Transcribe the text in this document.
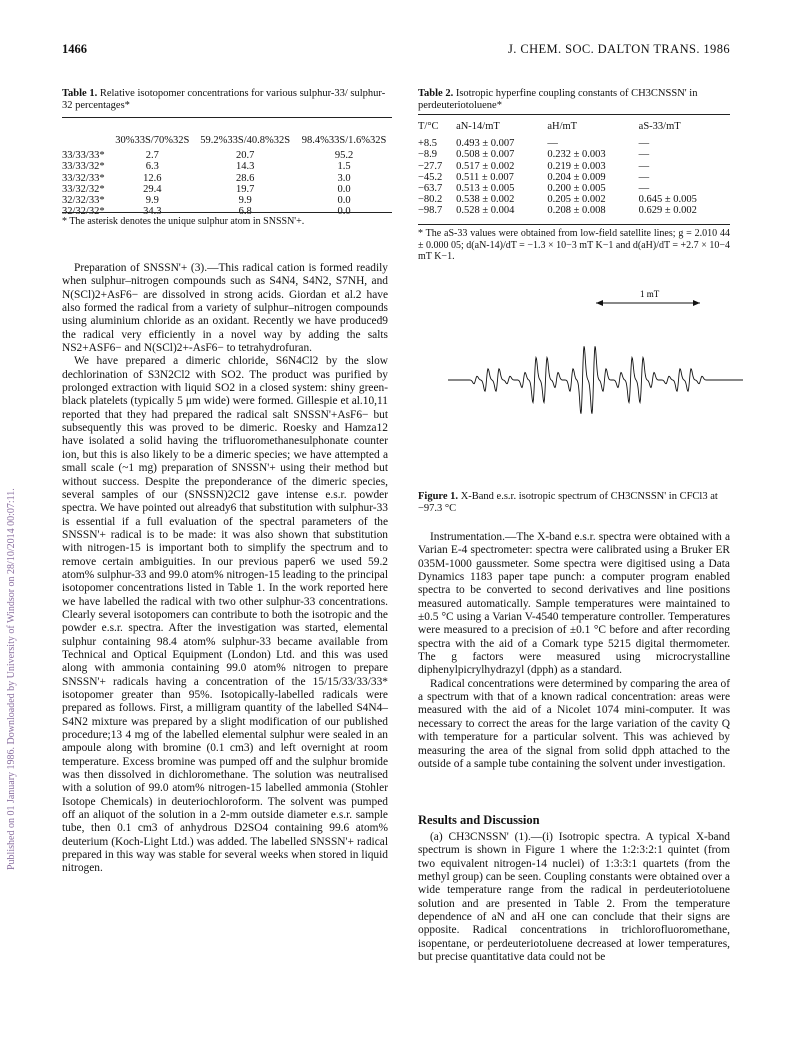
Published on 01 January 1986. Downloaded by University of Windsor on 28/10/2014 00:07:11.
1466	J. CHEM. SOC. DALTON TRANS. 1986
Table 1. Relative isotopomer concentrations for various sulphur-33/ sulphur-32 percentages*
	30%33S/70%32S	59.2%33S/40.8%32S	98.4%33S/1.6%32S
33/33/33*	2.7	20.7	95.2
33/33/32*	6.3	14.3	1.5
33/32/33*	12.6	28.6	3.0
33/32/32*	29.4	19.7	0.0
32/32/33*	9.9	9.9	0.0
32/32/32*	34.3	6.8	0.0
* The asterisk denotes the unique sulphur atom in SNSSN'+.
Table 2. Isotropic hyperfine coupling constants of CH3CNSSN' in perdeuteriotoluene*
T/°C	aN-14/mT	aH/mT	aS-33/mT
+8.5	0.493 ± 0.007	—	—
−8.9	0.508 ± 0.007	0.232 ± 0.003	—
−27.7	0.517 ± 0.002	0.219 ± 0.003	—
−45.2	0.511 ± 0.007	0.204 ± 0.009	—
−63.7	0.513 ± 0.005	0.200 ± 0.005	—
−80.2	0.538 ± 0.002	0.205 ± 0.002	0.645 ± 0.005
−98.7	0.528 ± 0.004	0.208 ± 0.008	0.629 ± 0.002
* The aS-33 values were obtained from low-field satellite lines; g = 2.010 44 ± 0.000 05; d(aN-14)/dT = −1.3 × 10−3 mT K−1 and d(aH)/dT = +2.7 × 10−4 mT K−1.
1 mT
Figure 1. X-Band e.s.r. isotropic spectrum of CH3CNSSN' in CFCl3 at −97.3 °C

Preparation of SNSSN'+ (3).—This radical cation is formed readily when sulphur–nitrogen compounds such as S4N4, S4N2, S7NH, and N(SCl)2+AsF6− are dissolved in strong acids. Giordan et al.2 have also formed the radical from a variety of sulphur–nitrogen compounds using aluminium chloride as an oxidant. Recently we have produced9 the radical very efficiently in a novel way by adding the salts NS2+ASF6− and N(SCl)2+-AsF6− to tetrahydrofuran.

We have prepared a dimeric chloride, S6N4Cl2 by the slow dechlorination of S3N2Cl2 with SO2. The product was purified by prolonged extraction with liquid SO2 in a closed system: shiny green-black platelets (typically 5 μm wide) were formed. Gillespie et al.10,11 reported that they had prepared the radical salt SNSSN'+AsF6− but subsequently this was proved to be dimeric. Roesky and Hamza12 have isolated a solid having the trifluoromethanesulphonate counter ion, but this is also likely to be a dimeric species; we have attempted a small scale (~1 mg) preparation of SNSSN'+ using their method but without success. Despite the preponderance of the dimeric species, several samples of our (SNSSN)2Cl2 gave intense e.s.r. powder spectra. We have pointed out already6 that substitution with sulphur-33 is essential if a full evaluation of the spectral parameters of the SNSSN'+ radical is to be made: it was also shown that substitution with nitrogen-15 is important both to simplify the spectrum and to remove certain ambiguities. In our previous paper6 we used 59.2 atom% sulphur-33 and 99.0 atom% nitrogen-15 leading to the principal isotopomer concentrations listed in Table 1. In the work reported here we have labelled the radical with two other sulphur-33 concentrations. Clearly several isotopomers can contribute to both the isotropic and the powder e.s.r. spectra. After the investigation was started, elemental sulphur containing 98.4 atom% sulphur-33 became available from Technical and Optical Equipment (London) Ltd. and this was used along with ammonia containing 99.0 atom% nitrogen to prepare SNSSN'+ radicals having a concentration of the 15/15/33/33/33* isotopomer greater than 95%. Isotopically-labelled radicals were prepared as follows. First, a milligram quantity of the labelled S4N4–S4N2 mixture was prepared by a slight modification of our published procedure;13 4 mg of the labelled elemental sulphur were sealed in an ampoule along with bromine (0.1 cm3) and left overnight at room temperature. Excess bromine was pumped off and the sulphur bromide was then dissolved in dichloromethane. The solution was neutralised with a solution of 99.0 atom% nitrogen-15 labelled ammonia (Stohler Isotope Chemicals) in deuteriochloroform. The solvent was pumped off an aliquot of the solution in a 2-mm outside diameter e.s.r. sample tube, then 0.1 cm3 of anhydrous D2SO4 containing 99.6 atom% deuterium (Koch-Light Ltd.) was added. The labelled SNSSN'+ radical prepared in this way was stable for several weeks when stored in liquid nitrogen.

Instrumentation.—The X-band e.s.r. spectra were obtained with a Varian E-4 spectrometer: spectra were calibrated using a Bruker ER 035M-1000 gaussmeter. Some spectra were digitised using a Data Dynamics 1183 paper tape punch: a computer program enabled spectra to be converted to second derivatives and line positions measured automatically. Sample temperatures were maintained to ±0.5 °C using a Varian V-4540 temperature controller. Temperatures were measured to a precision of ±0.1 °C before and after recording spectra with the aid of a Comark type 5215 digital thermometer. The g factors were measured using microcrystalline diphenylpicrylhydrazyl (dpph) as a standard.

Radical concentrations were determined by comparing the area of a spectrum with that of a known radical concentration: areas were measured with the aid of a Nicolet 1074 mini-computer. It was necessary to correct the areas for the large variation of the cavity Q with temperature for a particular solvent. This was achieved by measuring the area of the signal from solid dpph attached to the outside of a sample tube containing the solvent under investigation.

Results and Discussion

(a) CH3CNSSN' (1).—(i) Isotropic spectra. A typical X-band spectrum is shown in Figure 1 where the 1:2:3:2:1 quintet (from two equivalent nitrogen-14 nuclei) of 1:3:3:1 quartets (from the methyl group) can be seen. Coupling constants were obtained over a wide temperature range from the radical in perdeuteriotoluene solution and are presented in Table 2. From the temperature dependence of aN and aH one can conclude that their signs are opposite. Radical concentrations in trichlorofluoromethane, isopentane, or perdeuteriotoluene decreased at lower temperatures, but precise quantitative data could not be
